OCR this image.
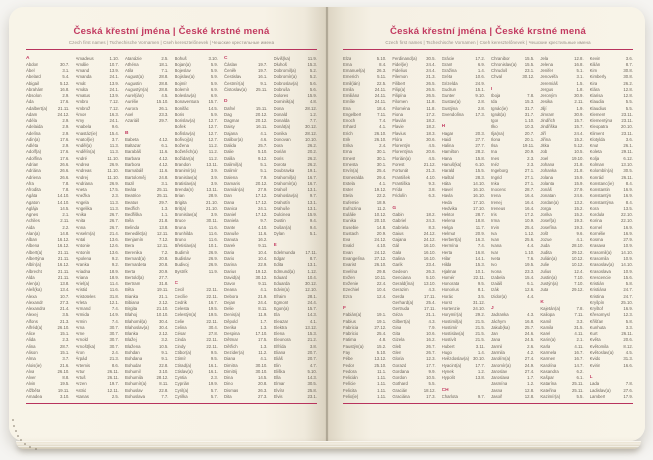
Česká křestní jména | České krstné mená
Czech first names | Tschechische Vornamen | Cseh keresztelőnevek | Чешские крестильные имена
A
Abdon	30.7.
Ábel	3.1.
Abelard	5.4.
Abigail	5.12.
Abrahám	16.8.
Absolon	2.9.
Áda	17.6.
Adalbert(a) 21.11.
Adam	24.12.
Adéla	2.9.
Adelaida	2.9.
Adelína	2.9.
Adin(a)	17.6.
Adléta	2.9.
Adolf(a)	17.6.
Adolfína	17.6.
Adrian	26.6.
Adriána	26.6.
Adriena	26.6.
Afra	7.8.
Afrodita	7.8.
Agáta	14.10.
Agaton	14.10.
Aglája	14.5.
Agnes	2.1.
Achiles	2.11.
Aida	2.2.
Alan(a)	14.8.
Alban	16.12.
Albena	16.12.
Albert(a)	21.11.
Albertýna	21.11.
Albín(a)	16.12.
Albrecht	21.11.
Alda	21.11.
Alen(a)	13.8.
Aleš(ka)	13.4.
Alexa	10.7.
Alexandr	27.3.
Alexandra	21.4.
Alexej	3.5.
Alfons	21.3.
Alfréd(a)	26.10.
Alice	15.1.
Alida	2.3.
Alina	28.7.
Alison	15.1.
Alma	3.7.
Alois(ie)	21.6.
Alva	26.10.
Alver	8.8.
Alvin	19.5.
Alžběta	19.11.
Amadea	3.10.
Amadeus	1.10.
Amálie	10.7.
Amand	13.9.
Amanda	24.1.
Amát	13.9.
Amáta	24.1.
Amatus	13.9.
Ambro	7.12.
Ambrož	7.12.
Ámos	16.3.
Amy	24.1.
Anabela	9.6.
Anastáz(ie)	15.4.
Anatol(ie)	3.7.
Anděl(a)	11.3.
Andělín(a)	11.3.
André	11.10.
Andrea	26.9.
Andreas	11.10.
Andrej	11.10.
Andriana	26.9.
Aneta	17.5.
Anežka	2.3.
Angela	11.3.
Angelika	11.3.
Anika	26.7.
Anita	26.7.
Anna	26.7.
Anselm(a)	21.4.
Antal	13.6.
Antonie	12.6.
Antonín	13.6.
Apolena	9.2.
Aranka	9.2.
Ariadna	18.9.
Ariana	18.9.
Ariel(a)	11.4.
Aristid	11.6.
Aristoteles	31.8.
Arleta	12.1.
Armand	7.4.
Armida	14.9.
Armin	7.4.
Arna	30.7.
Arne	30.7.
Arnold	30.7.
Arnošt(ka)	30.7.
Áron	2.4.
Árpád	21.3.
Artemis	8.6.
Artur	26.11.
Artuš	26.11.
Arzen	19.7.
Astrid	12.11.
Atanas	2.5.
Atanázie	2.5.
Athéna	18.1.
Atila	7.1.
August(a)	28.8.
Augustin	28.8.
Augustýn(a)	28.8.
Aurel(ián)	4.5.
Aurélie	15.10.
Aurora	26.1.
Axel	23.3.
Azariáš	29.7.
B
Babeta	4.12.
Baltazar	6.1.
Barabáš	11.6.
Barbara	4.12.
Barbora	4.12.
Barnabáš	11.6.
Bartoloměj	24.8.
Bazil	3.1.
Beáta	25.11.
Beatrice	25.11.
Beatus	29.7.
Bedřich	1.3.
Bedřiška	1.1.
Béla	21.8.
Belinda	13.8.
Benedikt(a) 12.11.
Benjamín	7.12.
Bera	12.11.
Berenika	7.2.
Bernard(a)	20.8.
Bernardeta	20.8.
Berta	20.9.
Bertold(a)	27.7.
Bertram	31.8.
Běta	19.11.
Bianka	21.1.
Bibiana	2.12.
Birgita	21.10.
Blahoj	10.10.
Blahomil(a)	30.4.
Blahoslav(a) 30.4.
Blanka	2.12.
Blažej	3.2.
Blažena	10.5.
Bohdan	9.1.
Bohdana	9.1.
Bohudar	22.8.
Bohumil	3.10.
Bohumila	28.12.
Bohumír(a)	8.11.
Bohuslav	22.8.
Bohuslava	7.7.
Bohuš	3.10.
Bojan(a)	5.9.
Bojeslav	5.9.
Bojislav(a)	5.9.
Bojmír	5.9.
Bolemír	6.9.
Boleslav(a)	6.9.
Bonaventura 15.7.
Bonifác	14.5.
Boris	5.9.
Borislav(a)	12.7.
Bořek	12.7.
Bořislav(a)	12.7.
Bořivoj(a)	12.7.
Božena	11.2.
Božetěch(a)	11.2.
Božidar(a)	11.2.
Brandon	13.11.
Branimír(a)	3.9.
Branislav(a)	3.9.
Bratislav(a)	3.9.
Brenda(n)	13.11.
Brian	28.9.
Brigita	21.10.
Brit(a)	21.10.
Bronislav(a)	3.9.
Bruce	30.11.
Bruna	11.6.
Brunhilda	11.6.
Bruno	11.6.
Břetislav(a)	10.1.
Budimír	26.9.
Budislav	26.9.
Budivoj	26.9.
Bystrík	11.9.
C
Cecil	22.11.
Cecílie	22.11.
Cedrik	16.7.
Celesta	19.5.
Celestýn(a)	19.5.
Celie	22.11.
Celina	30.4.
César	27.8.
Cinda	22.11.
Cindy	22.11.
Ctibor(a)	9.5.
Ctimír	9.5.
Ctirad(a)	16.1.
Ctislav(a)	16.1.
Cyntia	2.3.
Cyprián	19.9.
Cyril(a)	5.7.
Cyrilka	5.7.
Č
Čáslav	19.7.
Čeněk	19.7.
Čestislav	16.1.
Čestmír(a)	9.1.
Čistoslav(a) 25.11.
D
Dafné	15.11.
Dag	20.12.
Dagmar	20.12.
Daisy	16.11.
Dajana	4.1.
Dalibor(a)	4.6.
Dalida	25.7.
Dalie	5.10.
Dalila	9.12.
Dalimil(a)	5.1.
Dalimír	5.1.
Dalena	7.9.
Damaris	20.12.
Damián(a)	27.9.
Dan	17.12.
Dana	17.12.
Danica	24.1.
Daniel	17.12.
Daniela	9.7.
Dante	4.10.
Danuše	11.6.
Danuta	16.2.
Darek	9.11.
Daria	10.4.
Dario	10.4.
Darina	22.9.
Darius	19.12.
David(a)	30.12.
Davor	9.11.
Deana	4.1.
Debora	21.9.
Dejan	24.4.
Delie	8.11.
Denis(a)	11.9.
Děpold	1.7.
Derika	1.3.
Despina	17.10.
Dětmar	17.5.
Dětřich	1.3.
Dezider(a)	11.2.
Diana	4.1.
Dimitra	30.10.
Dimitrij	30.10.
Dina	14.5.
Dino	20.8.
Dismas	26.3.
Dita	27.3.
Diviš(ka)	11.9.
Dluhoš	15.3.
Dobromil(a)	5.2.
Dobromír(a)	5.2.
Dobroslav(a)	5.6.
Dobruša	5.6.
Dolores	15.9.
Dominik(a)	4.8.
Dona	28.12.
Donald	1.2.
Donalda	7.7.
Donát(a)	30.12.
Donika	28.12.
Donovan	10.10.
Dora	26.2.
Dorián	20.2.
Doris	26.2.
Dorota	26.2.
Doubravka	19.1.
Drahomil(a)	16.7.
Drahomír(a)	16.7.
Drahoš	13.1.
Drahoslav(a)	9.7.
Drahotín	13.1.
Drahuše	13.1.
Dulcinea	15.9.
Dustin	9.4.
Dušan(a)	9.4.
Dylan	5.1.
E
Edelmunda 17.11.
Edgar	8.7.
Edita	13.1.
Edmund(a)	1.12.
Eduard	10.4.
Eduarda	30.12.
Edvin(a)	12.10.
Efraim	28.1.
Egmont	24.4.
Egon(a)	15.7.
Ela	14.3.
Eleazar	4.1.
Elektra	13.12.
Elena	15.3.
Eleonora	21.2.
Elfrída	3.8.
Eliana	20.7.
Eliáš	20.7.
Elin	4.7.
Eliška	5.10.
Ella	14.3.
Elmar	30.5.
Elvíra	25.8.
Elvis	23.1.
Česká křestní jména | České krstné mená
Czech first names | Tschechische Vornamen | Cseh keresztelőnevek | Чешские крестильные имена
Elza	5.10.
Ema	8.4.
Emanuel(a)	26.3.
Emerich	5.11.
Emil(ián)	22.5.
Emila	24.11.
Emiliána	24.11.
Emílie	24.11.
Ena	18.4.
Engelbert	7.11.
Enoch	7.4.
Erhard	4.1.
Erich	26.10.
Erik	26.10.
Erika	2.4.
Erna	30.1.
Ernest	30.1.
Ernesta	30.1.
Ervín(a)	25.4.
Esmeralda	29.4.
Estela	4.1.
Ester	19.12.
Etela	22.2.
Eufemie	18.9.
Eufrozina	11.2.
Eulálie	10.12.
Eunika	20.10.
Eusebie	14.8.
Eustach	20.9.
Eva	24.12.
Evald	4.10.
Evan	24.12.
Evangelína 27.12.
Evarist	26.10.
Evelína	29.8.
Evžen	10.11.
Evženie	22.4.
Ezechiel	10.4.
Ezra	12.4.
F
Fabián(a)	19.1.
Fabius	19.1.
Fabricia	27.12.
Fabricio	25.4.
Fatima	4.8.
Faustýn(a)	15.2.
Fay	5.10.
Fébe	13.12.
Fedor	25.10.
Fedora	11.1.
Felicián	1.11.
Felície	1.11.
Felicita	1.11.
Felix(ie)	1.11.
Ferdinand(a) 30.5.
Fidel(ie)	24.4.
Fidelius	24.4.
Filemon	21.3.
Filibert	26.5.
Filip(a)	26.5.
Filipína	26.5.
Filomen	11.8.
Filoména	11.8.
Fiona	17.2.
Flavián	18.2.
Flavie	18.2.
Flavius	18.3.
Flóra	30.6.
Florentýn	4.5.
Florentýna	20.6.
Florián(a)	4.5.
Forest	21.12.
Fortunát	21.3.
František	4.10.
Františka	9.3.
Frída	3.8.
Fridolín	6.3.
G
Gabin	18.2.
Gabriel	24.3.
Gabriela	8.3.
Gaius	24.12.
Gajana	24.12.
Gál	16.10.
Gala	16.10.
Galina	16.10.
Garik	23.4.
Gedeon	26.3.
Genciana	5.10.
Gerald(ína) 13.10.
Gerazim	4.3.
Gerda	17.11.
Gerhard(a)	25.4.
Gertruda	17.11.
Géza	21.1.
Gilbert(a)	4.3.
Gina	7.9.
Gita	10.6.
Gizela	16.2.
Gleb	26.7.
Glen	26.7.
Gloria	12.3.
Gorazd	17.7.
Gordana	9.9.
Gordon	10.5.
Gothard	5.5.
Gracián	18.12.
Graciána	17.3.
Grácie	17.2.
Grant	6.9.
Gražina	1.4.
Gréta	10.6.
Grizelda	24.9.
Gudrun	15.1.
Gunter	9.10.
Gustav(a)	2.8.
Gustýna	2.8.
Gvendolína	17.3.
H
Hagar	20.3.
Haidi	27.7.
Halina	27.7.
Hamilton	28.2.
Hana	15.8.
Hanuš(ka)	6.10.
Harald	15.5.
Haštal	28.3.
Háta	14.10.
Havel	16.10.
Havla	16.10.
Heda	17.10.
Hedvika	17.10.
Hektor	28.7.
Helena	18.8.
Helga	11.7.
Helmut	20.9.
Herbert(a)	16.3.
Hermína	7.4.
Herta	16.8.
Hilar	14.1.
Hilda	15.3.
Hjalmar	10.1.
Homér	22.11.
Honorata	9.5.
Honorius	8.1.
Horác	3.5.
Horst	31.12.
Hortenzie	24.10.
Horymír(a)	29.2.
Hostimil(a)	21.5.
Hostimír	21.5.
Hostislav(a)	21.5.
Hostivít	21.5.
Hubert	3.11.
Hugo	1.4.
Hvězdoslav(a) 30.10.
Hyacint(a)	17.7.
Hynek	1.2.
Hypolit	13.8.
CH
Charlota	9.7.
Chranibor	15.5.
Chronislav(a) 15.5.
Chrudoš	23.1.
Chval	30.12.
I
Iboja	7.8.
Ida	15.3.
Ignác(ie)	31.7.
Ignát(a)	31.7.
Igor	1.10.
Ilko	10.3.
Ilja(na)	20.7.
Ilona	20.1.
Ilsa	19.11.
Ina	20.9.
Ines	2.3.
Inéz	2.3.
Ingeborg	27.1.
Ingrid	27.1.
Inka	27.1.
Inocenc	28.7.
Irena	16.4.
Irenej	16.4.
Ireneus	16.4.
Iris	17.2.
Irma	10.9.
Irvin	25.4.
Iva	1.12.
Ivan	25.6.
Ivana	4.4.
Ivar	1.10.
Iveta	7.6.
Ivo	19.5.
Ivona	23.3.
Izabela	15.4.
Izaiáš	6.1.
Izák	12.6.
Izidor(a)	4.4.
J
Jadranka	4.3.
Jáchym	16.8.
Jakub(ka)	25.7.
Jan	24.6.
Jana	24.5.
Jarmil	2.6.
Jarmila	4.2.
Jarolím(a)	27.4.
Jaromír(a)	24.9.
Jaroslav	27.4.
Jaroslava	1.7.
Jasmína	1.2.
Jasna	12.8.
Jasoň	12.8.
Jela	12.8.
Jelena	16.8.
Jenifer	5.1.
Jenovéfa	3.1.
Jeremiáš	1.5.
Jergus	1.8.
Jeroným	30.9.
Jesika	2.11.
Jiljí	1.9.
Jimram	30.9.
Jindřich	15.7.
Jindřiška	15.7.
Jiří	24.4.
Jiřina	15.2.
Jitka	5.12.
Job	10.5.
Joel	19.10.
Johana	21.8.
Johanka	21.8.
Jolana	15.9.
Jolanta	15.9.
Jonáš	27.9.
Jonatan	24.6.
Jordan(a)	13.2.
Jorga	15.2.
Jorika	15.2.
Josef(a)	19.3.
Josefína	19.3.
Jošt	9.6.
Jozue	4.1.
Juda	28.10.
Judita	29.12.
Julián(a)	10.12.
Julie	10.12.
Julius	12.4.
Justin(a)	7.10.
Justýn(a)	7.10.
Juta	29.12.
K
Kajetán(a)	7.8.
Kaliopa	7.11.
Kamil	3.3.
Kamila	31.5.
Karel	4.11.
Karin(a)	2.1.
Karla	4.11.
Karmela	16.7.
Karmen	16.7.
Karolína	14.7.
Kasandra	6.2.
Kašpar	6.1.
Katarína	25.11.
Kateřina	25.11.
Kazimír(a)	5.5.
Kevin	3.6.
Kilián	8.7.
Kim	30.8.
Kimberly	30.8.
Kira	26.2.
Klára	12.8.
Klarisa	12.8.
Klaudia	5.5.
Klaudius	5.5.
Klement	23.11.
Klementýna 23.11.
Kleopatra	20.10.
Kliment	23.11.
Klotylda	3.6.
Knut	26.1.
Koleta	29.11.
Kolja	6.12.
Kolman	13.10.
Kolombín(a) 30.5.
Konrád	26.11.
Konstanc(ie)	8.4.
Konstantin	16.9.
Konstantýn	16.9.
Konstantýna	8.4.
Kora	13.5.
Kordula	22.10.
Korina	22.10.
Kornel	16.9.
Kornélie	16.9.
Kosma	27.9.
Krasava	10.9.
Krasomil(a) 14.10.
Krasomila	10.9.
Krasoslav(a) 14.10.
Krasoslava	10.9.
Krescencie	15.6.
Kristián	5.8.
Kristiána	24.7.
Kristina	24.7.
Kryšpín	25.10.
Kryštof	16.9.
Křesomysl	12.3.
Křišťan	5.8.
Kunhuta	3.3.
Kurt	26.11.
Květa	20.6.
Květomila	8.12.
Květoslav(a)	4.5.
Kvido	31.3.
Kvirin	16.6.
L
Lada	7.8.
Ladislav(a)	27.6.
Lambert	17.9.
